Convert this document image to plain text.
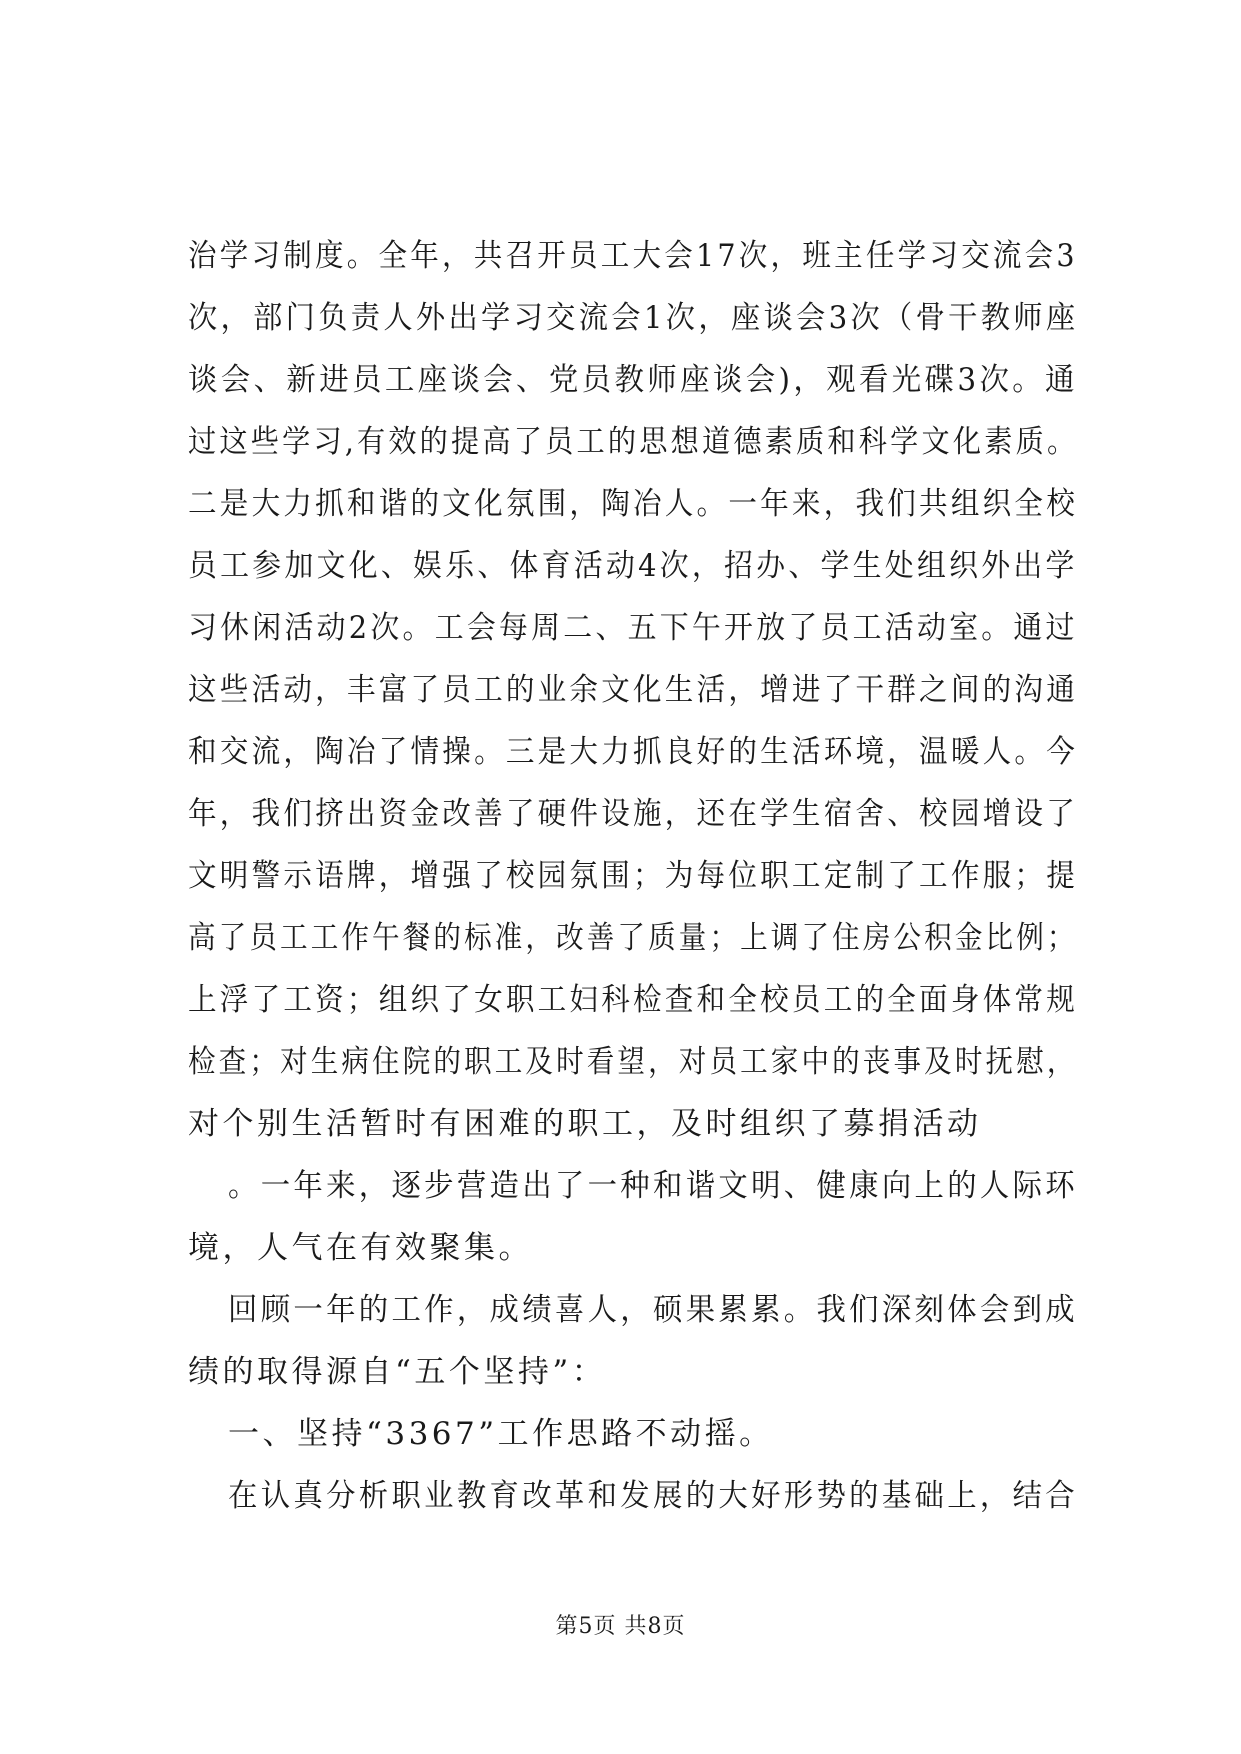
治学习制度。全年，共召开员工大会17次，班主任学习交流会3
次，部门负责人外出学习交流会1次，座谈会3次（骨干教师座
谈会、新进员工座谈会、党员教师座谈会)，观看光碟3次。通
过这些学习,有效的提高了员工的思想道德素质和科学文化素质。
二是大力抓和谐的文化氛围，陶冶人。一年来，我们共组织全校
员工参加文化、娱乐、体育活动4次，招办、学生处组织外出学
习休闲活动2次。工会每周二、五下午开放了员工活动室。通过
这些活动，丰富了员工的业余文化生活，增进了干群之间的沟通
和交流，陶冶了情操。三是大力抓良好的生活环境，温暖人。今
年，我们挤出资金改善了硬件设施，还在学生宿舍、校园增设了
文明警示语牌，增强了校园氛围；为每位职工定制了工作服；提
高了员工工作午餐的标准，改善了质量；上调了住房公积金比例；
上浮了工资；组织了女职工妇科检查和全校员工的全面身体常规
检查；对生病住院的职工及时看望，对员工家中的丧事及时抚慰，
对个别生活暂时有困难的职工，及时组织了募捐活动
。一年来，逐步营造出了一种和谐文明、健康向上的人际环
境，人气在有效聚集。
回顾一年的工作，成绩喜人，硕果累累。我们深刻体会到成
绩的取得源自“五个坚持”：
一、坚持“3367”工作思路不动摇。
在认真分析职业教育改革和发展的大好形势的基础上，结合
第5页 共8页
